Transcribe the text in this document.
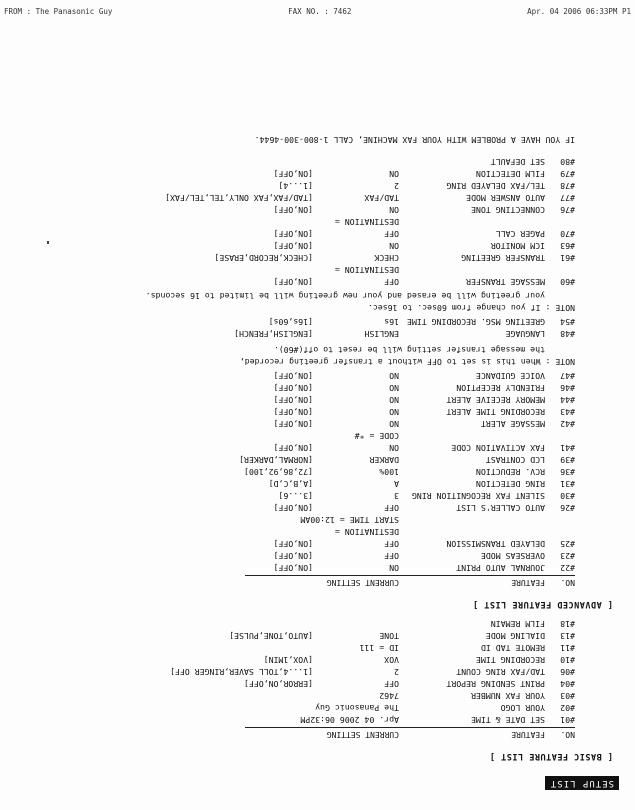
FROM : The Panasonic Guy	FAX NO. : 7462	Apr. 04 2006 06:33PM P1
SETUP LIST
[ BASIC FEATURE LIST ]
NO.
FEATURE
CURRENT SETTING
#01
SET DATE & TIME
Apr. 04 2006 06:32PM
#02
YOUR LOGO
The Panasonic Guy
#03
YOUR FAX NUMBER
7462
#04
PRINT SENDING REPORT
OFF
[ERROR,ON,OFF]
#06
TAD/FAX RING COUNT
2
[1...4,TOLL SAVER,RINGER OFF]
#10
RECORDING TIME
VOX
[VOX,1MIN]
#11
REMOTE TAD ID
ID = 111
#13
DIALING MODE
TONE
[AUTO,TONE,PULSE]
#18
FILM REMAIN
[ ADVANCED FEATURE LIST ]
NO.
FEATURE
CURRENT SETTING
#22
JOURNAL AUTO PRINT
ON
[ON,OFF]
#23
OVERSEAS MODE
OFF
[ON,OFF]
#25
DELAYED TRANSMISSION
OFF
[ON,OFF]
DESTINATION =
START TIME = 12:00AM
#26
AUTO CALLER'S LIST
OFF
[ON,OFF]
#30
SILENT FAX RECOGNITION RING
3
[3...6]
#31
RING DETECTION
A
[A,B,C,D]
#36
RCV. REDUCTION
100%
[72,86,92,100]
#39
LCD CONTRAST
DARKER
[NORMAL,DARKER]
#41
FAX ACTIVATION CODE
ON
[ON,OFF]
CODE = *#
#42
MESSAGE ALERT
NO
[ON,OFF]
#43
RECORDING TIME ALERT
NO
[ON,OFF]
#44
MEMORY RECEIVE ALERT
NO
[ON,OFF]
#46
FRIENDLY RECEPTION
NO
[ON,OFF]
#47
VOICE GUIDANCE
NO
[ON,OFF]
NOTE : When this is set to OFF without a transfer greeting recorded,
the message transfer setting will be reset to off(#60).
#48
LANGUAGE
ENGLISH
[ENGLISH,FRENCH]
#54
GREETING MSG. RECORDING TIME
16s
[16s,60s]
NOTE : If you change from 60sec. to 16sec.
your greeting will be erased and your new greeting will be limited to 16 seconds.
#60
MESSAGE TRANSFER
OFF
[ON,OFF]
DESTINATION =
#61
TRANSFER GREETING
CHECK
[CHECK,RECORD,ERASE]
#63
ICM MONITOR
ON
[ON,OFF]
#70
PAGER CALL
OFF
[ON,OFF]
DESTINATION =
#76
CONNECTING TONE
ON
[ON,OFF]
#77
AUTO ANSWER MODE
TAD/FAX
[TAD/FAX,FAX ONLY,TEL,TEL/FAX]
#78
TEL/FAX DELAYED RING
2
[1...4]
#79
FILM DETECTION
ON
[ON,OFF]
#80
SET DEFAULT
IF YOU HAVE A PROBLEM WITH YOUR FAX MACHINE, CALL 1-800-300-4644.
